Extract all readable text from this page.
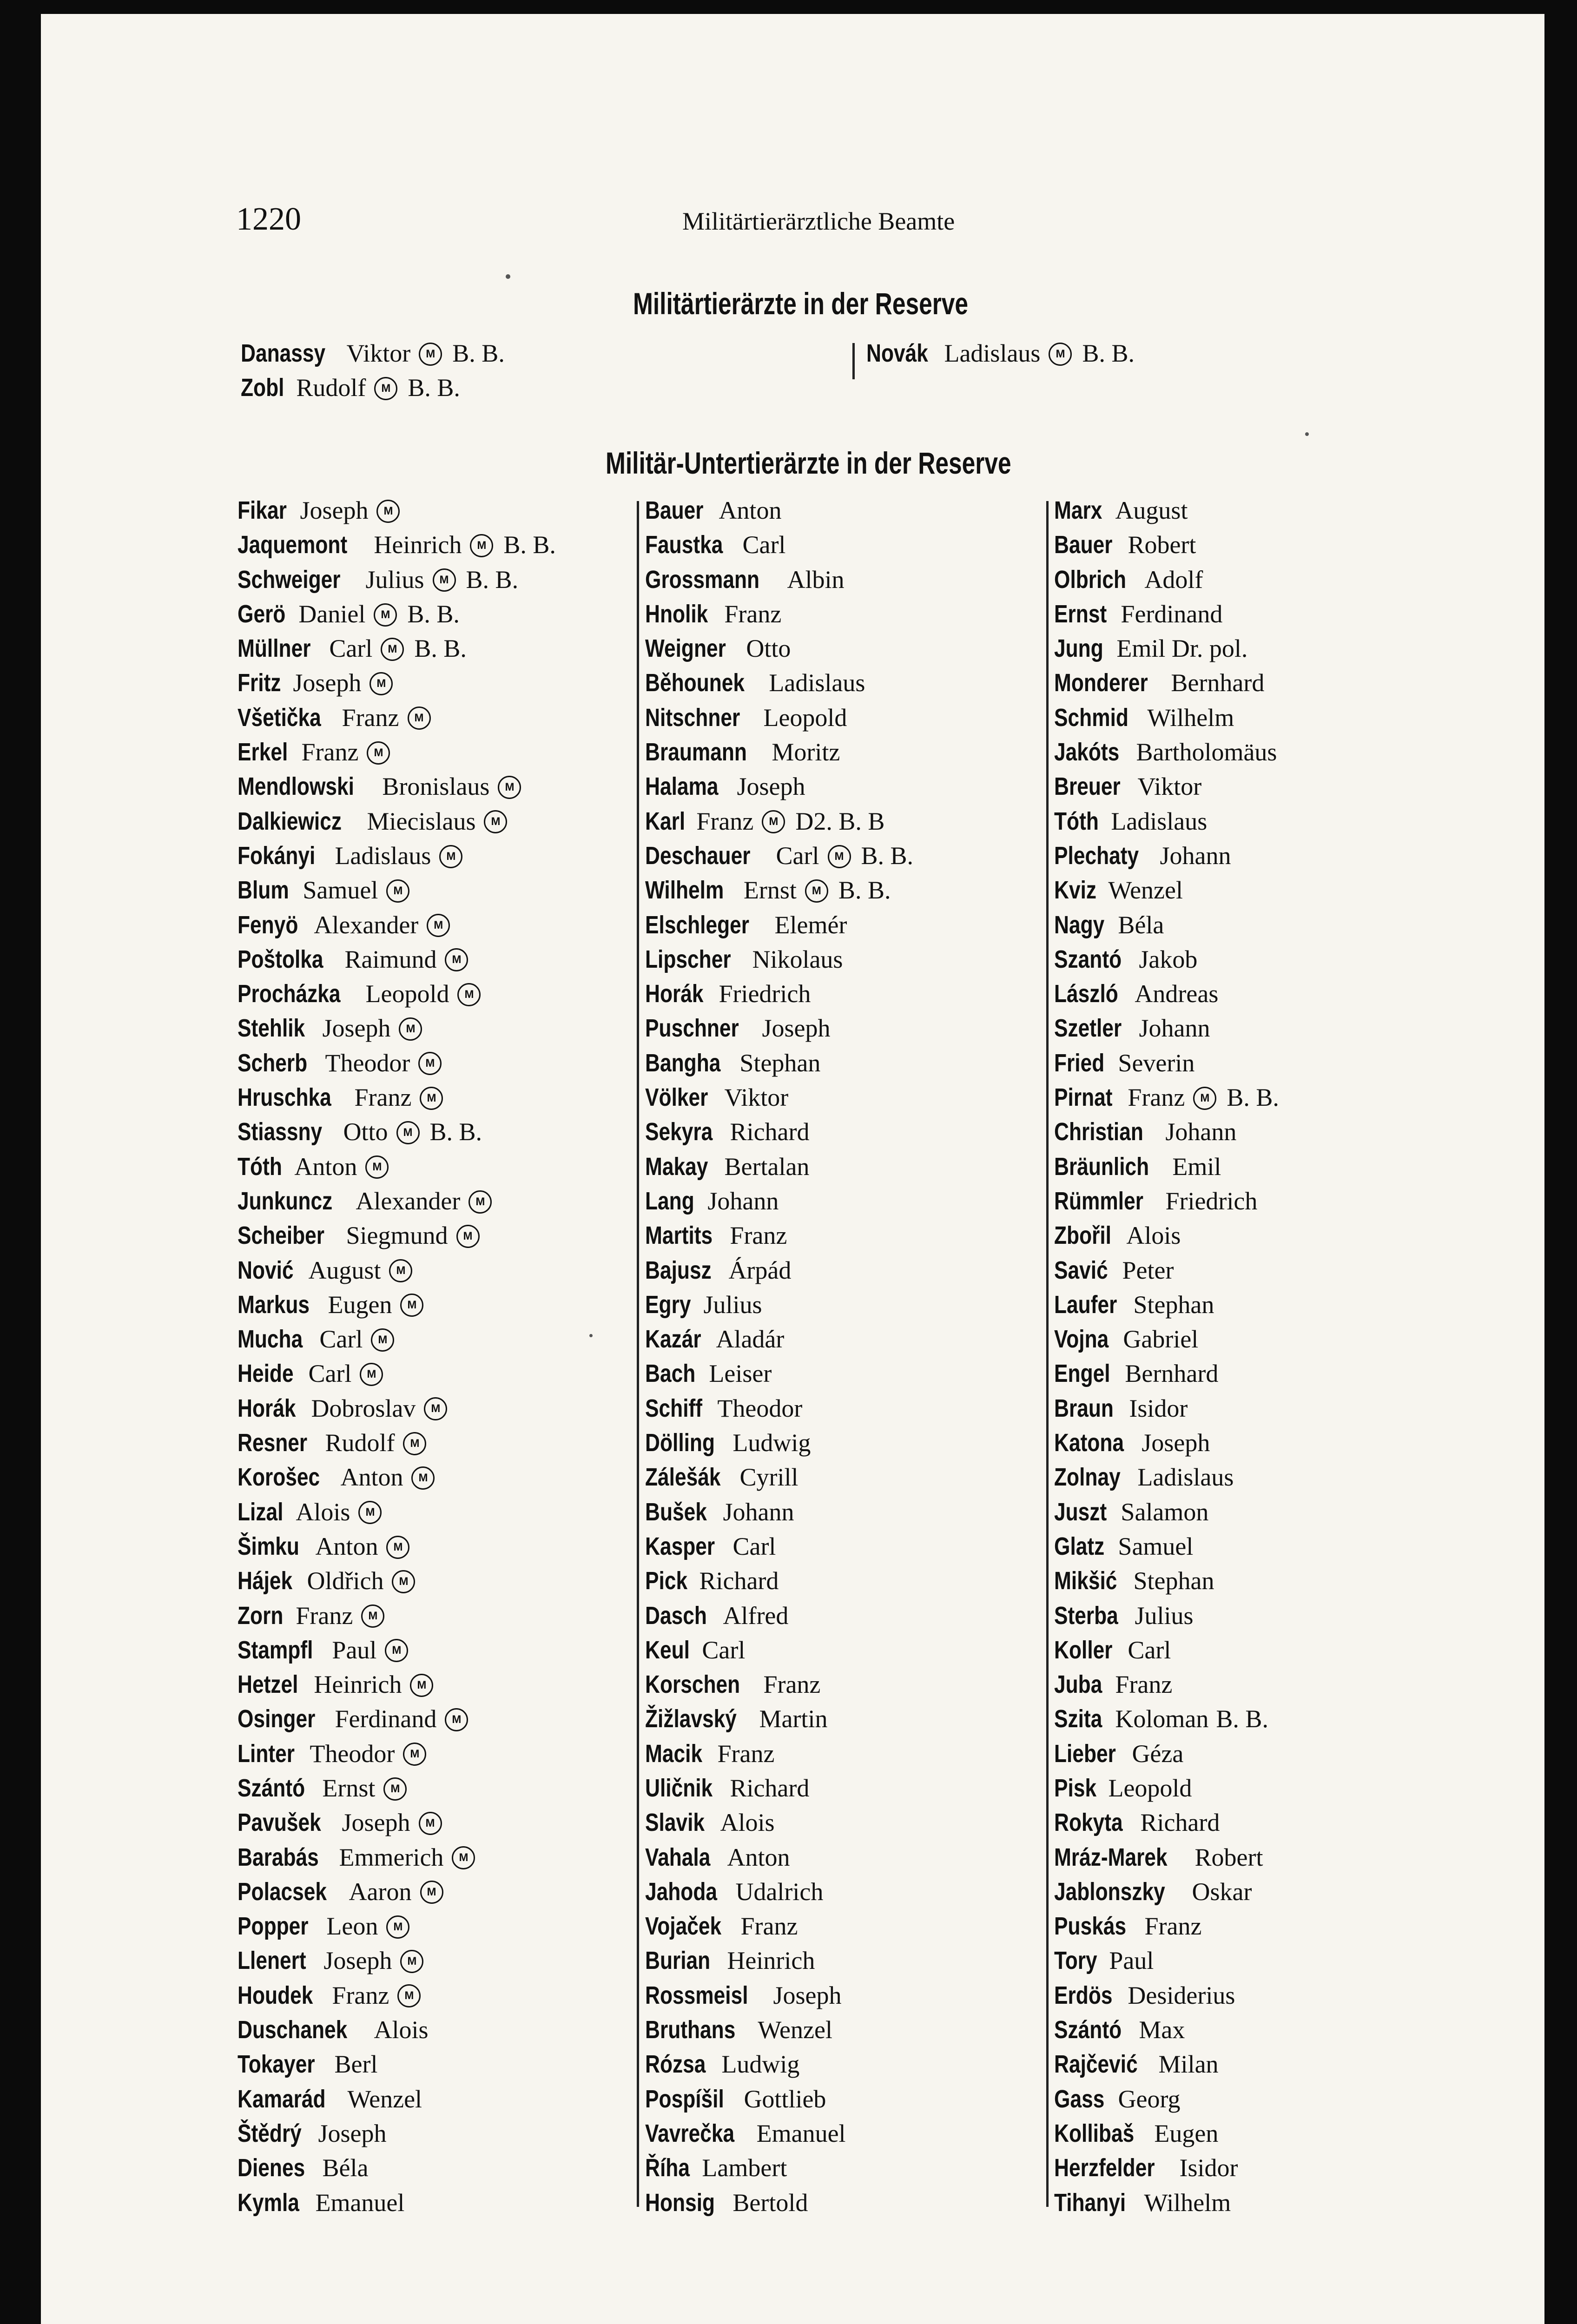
1220	Militärtierärztliche Beamte
Militärtierärzte in der Reserve
Danassy Viktor M B. B.
Zobl Rudolf M B. B.
Novák Ladislaus M B. B.
Militär-Untertierärzte in der Reserve
Fikar Joseph M
Jaquemont Heinrich M B. B.
Schweiger Julius M B. B.
Gerö Daniel M B. B.
Müllner Carl M B. B.
Fritz Joseph M
Všetička Franz M
Erkel Franz M
Mendlowski Bronislaus M
Dalkiewicz Miecislaus M
Fokányi Ladislaus M
Blum Samuel M
Fenyö Alexander M
Poštolka Raimund M
Procházka Leopold M
Stehlik Joseph M
Scherb Theodor M
Hruschka Franz M
Stiassny Otto M B. B.
Tóth Anton M
Junkuncz Alexander M
Scheiber Siegmund M
Nović August M
Markus Eugen M
Mucha Carl M
Heide Carl M
Horák Dobroslav M
Resner Rudolf M
Korošec Anton M
Lizal Alois M
Šimku Anton M
Hájek Oldřich M
Zorn Franz M
Stampfl Paul M
Hetzel Heinrich M
Osinger Ferdinand M
Linter Theodor M
Szántó Ernst M
Pavušek Joseph M
Barabás Emmerich M
Polacsek Aaron M
Popper Leon M
Llenert Joseph M
Houdek Franz M
Duschanek Alois
Tokayer Berl
Kamarád Wenzel
Štědrý Joseph
Dienes Béla
Kymla Emanuel
Bauer Anton
Faustka Carl
Grossmann Albin
Hnolik Franz
Weigner Otto
Běhounek Ladislaus
Nitschner Leopold
Braumann Moritz
Halama Joseph
Karl Franz M D2. B. B
Deschauer Carl M B. B.
Wilhelm Ernst M B. B.
Elschleger Elemér
Lipscher Nikolaus
Horák Friedrich
Puschner Joseph
Bangha Stephan
Völker Viktor
Sekyra Richard
Makay Bertalan
Lang Johann
Martits Franz
Bajusz Árpád
Egry Julius
Kazár Aladár
Bach Leiser
Schiff Theodor
Dölling Ludwig
Zálešák Cyrill
Bušek Johann
Kasper Carl
Pick Richard
Dasch Alfred
Keul Carl
Korschen Franz
Žižlavský Martin
Macik Franz
Uličnik Richard
Slavik Alois
Vahala Anton
Jahoda Udalrich
Vojaček Franz
Burian Heinrich
Rossmeisl Joseph
Bruthans Wenzel
Rózsa Ludwig
Pospíšil Gottlieb
Vavrečka Emanuel
Říha Lambert
Honsig Bertold
Marx August
Bauer Robert
Olbrich Adolf
Ernst Ferdinand
Jung Emil Dr. pol.
Monderer Bernhard
Schmid Wilhelm
Jakóts Bartholomäus
Breuer Viktor
Tóth Ladislaus
Plechaty Johann
Kviz Wenzel
Nagy Béla
Szantó Jakob
László Andreas
Szetler Johann
Fried Severin
Pirnat Franz M B. B.
Christian Johann
Bräunlich Emil
Rümmler Friedrich
Zbořil Alois
Savić Peter
Laufer Stephan
Vojna Gabriel
Engel Bernhard
Braun Isidor
Katona Joseph
Zolnay Ladislaus
Juszt Salamon
Glatz Samuel
Mikšić Stephan
Sterba Julius
Koller Carl
Juba Franz
Szita Koloman B. B.
Lieber Géza
Pisk Leopold
Rokyta Richard
Mráz-Marek Robert
Jablonszky Oskar
Puskás Franz
Tory Paul
Erdös Desiderius
Szántó Max
Rajčević Milan
Gass Georg
Kollibaš Eugen
Herzfelder Isidor
Tihanyi Wilhelm
